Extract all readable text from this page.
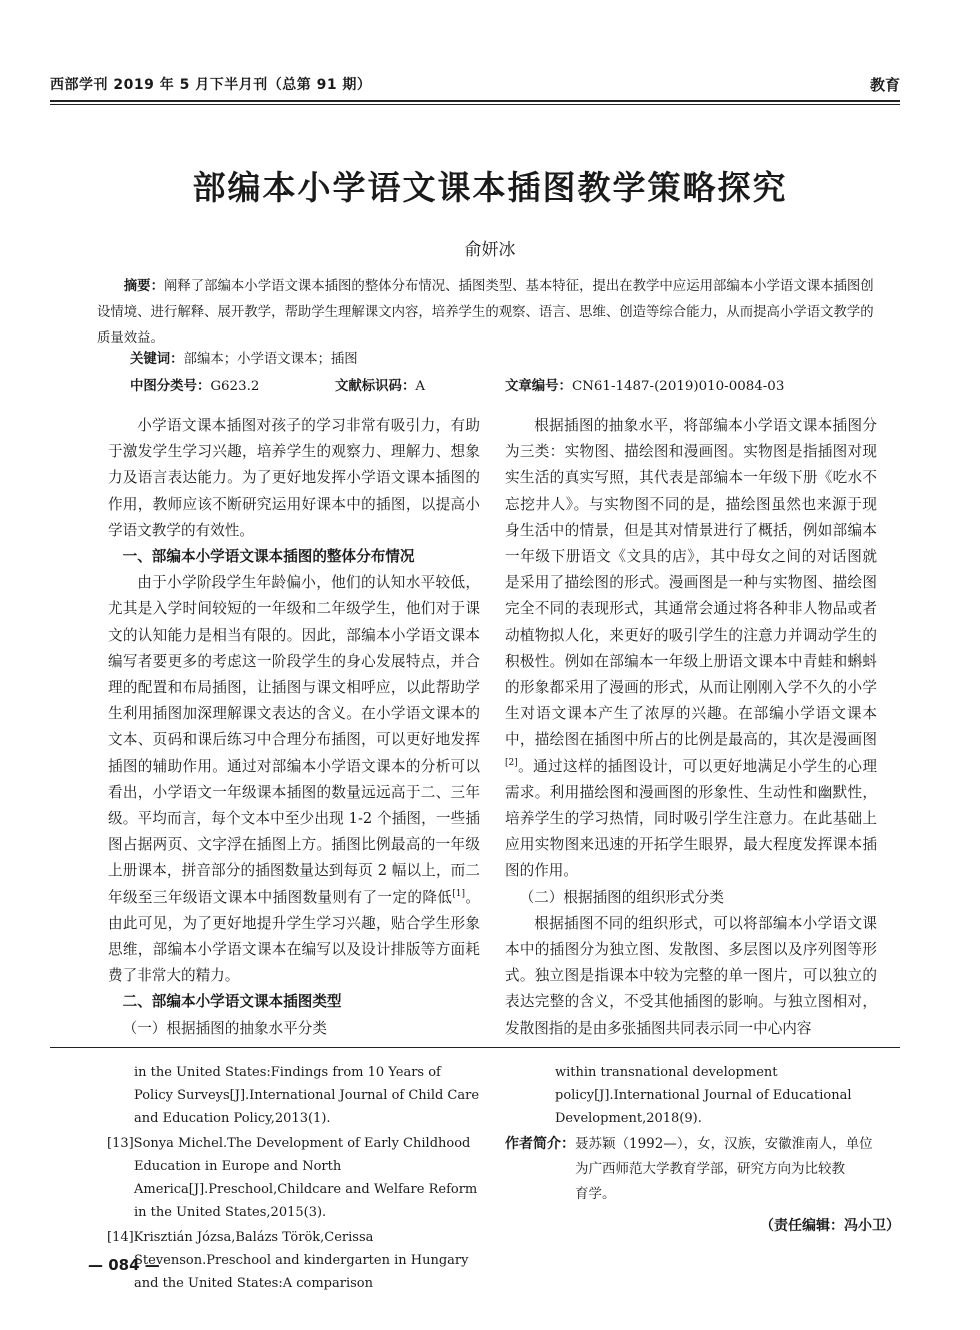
西部学刊 2019 年 5 月下半月刊（总第 91 期）	教育
部编本小学语文课本插图教学策略探究
俞妍冰
摘要：阐释了部编本小学语文课本插图的整体分布情况、插图类型、基本特征，提出在教学中应运用部编本小学语文课本插图创设情境、进行解释、展开教学，帮助学生理解课文内容，培养学生的观察、语言、思维、创造等综合能力，从而提高小学语文教学的质量效益。
关键词：部编本；小学语文课本；插图
中图分类号：G623.2	文献标识码：A	文章编号：CN61-1487-(2019)010-0084-03

小学语文课本插图对孩子的学习非常有吸引力，有助于激发学生学习兴趣，培养学生的观察力、理解力、想象力及语言表达能力。为了更好地发挥小学语文课本插图的作用，教师应该不断研究运用好课本中的插图，以提高小学语文教学的有效性。

一、部编本小学语文课本插图的整体分布情况

由于小学阶段学生年龄偏小，他们的认知水平较低，尤其是入学时间较短的一年级和二年级学生，他们对于课文的认知能力是相当有限的。因此，部编本小学语文课本编写者要更多的考虑这一阶段学生的身心发展特点，并合理的配置和布局插图，让插图与课文相呼应，以此帮助学生利用插图加深理解课文表达的含义。在小学语文课本的文本、页码和课后练习中合理分布插图，可以更好地发挥插图的辅助作用。通过对部编本小学语文课本的分析可以看出，小学语文一年级课本插图的数量远远高于二、三年级。平均而言，每个文本中至少出现 1-2 个插图，一些插图占据两页、文字浮在插图上方。插图比例最高的一年级上册课本，拼音部分的插图数量达到每页 2 幅以上，而二年级至三年级语文课本中插图数量则有了一定的降低[1]。由此可见，为了更好地提升学生学习兴趣，贴合学生形象思维，部编本小学语文课本在编写以及设计排版等方面耗费了非常大的精力。

二、部编本小学语文课本插图类型
（一）根据插图的抽象水平分类

根据插图的抽象水平，将部编本小学语文课本插图分为三类：实物图、描绘图和漫画图。实物图是指插图对现实生活的真实写照，其代表是部编本一年级下册《吃水不忘挖井人》。与实物图不同的是，描绘图虽然也来源于现身生活中的情景，但是其对情景进行了概括，例如部编本一年级下册语文《文具的店》，其中母女之间的对话图就是采用了描绘图的形式。漫画图是一种与实物图、描绘图完全不同的表现形式，其通常会通过将各种非人物品或者动植物拟人化，来更好的吸引学生的注意力并调动学生的积极性。例如在部编本一年级上册语文课本中青蛙和蝌蚪的形象都采用了漫画的形式，从而让刚刚入学不久的小学生对语文课本产生了浓厚的兴趣。在部编小学语文课本中，描绘图在插图中所占的比例是最高的，其次是漫画图[2]。通过这样的插图设计，可以更好地满足小学生的心理需求。利用描绘图和漫画图的形象性、生动性和幽默性，培养学生的学习热情，同时吸引学生注意力。在此基础上应用实物图来迅速的开拓学生眼界，最大程度发挥课本插图的作用。

（二）根据插图的组织形式分类

根据插图不同的组织形式，可以将部编本小学语文课本中的插图分为独立图、发散图、多层图以及序列图等形式。独立图是指课本中较为完整的单一图片，可以独立的表达完整的含义，不受其他插图的影响。与独立图相对，发散图指的是由多张插图共同表示同一中心内容

in the United States:Findings from 10 Years of Policy Surveys[J].International Journal of Child Care and Education Policy,2013(1).

[13]Sonya Michel.The Development of Early Childhood Education in Europe and North America[J].Preschool,Childcare and Welfare Reform in the United States,2015(3).

[14]Krisztián Józsa,Balázs Török,Cerissa Stevenson.Preschool and kindergarten in Hungary and the United States:A comparison

within transnational development policy[J].International Journal of Educational Development,2018(9).

作者简介：聂苏颖（1992—），女，汉族，安徽淮南人，单位
为广西师范大学教育学部，研究方向为比较教
育学。
（责任编辑：冯小卫）
— 084 —
